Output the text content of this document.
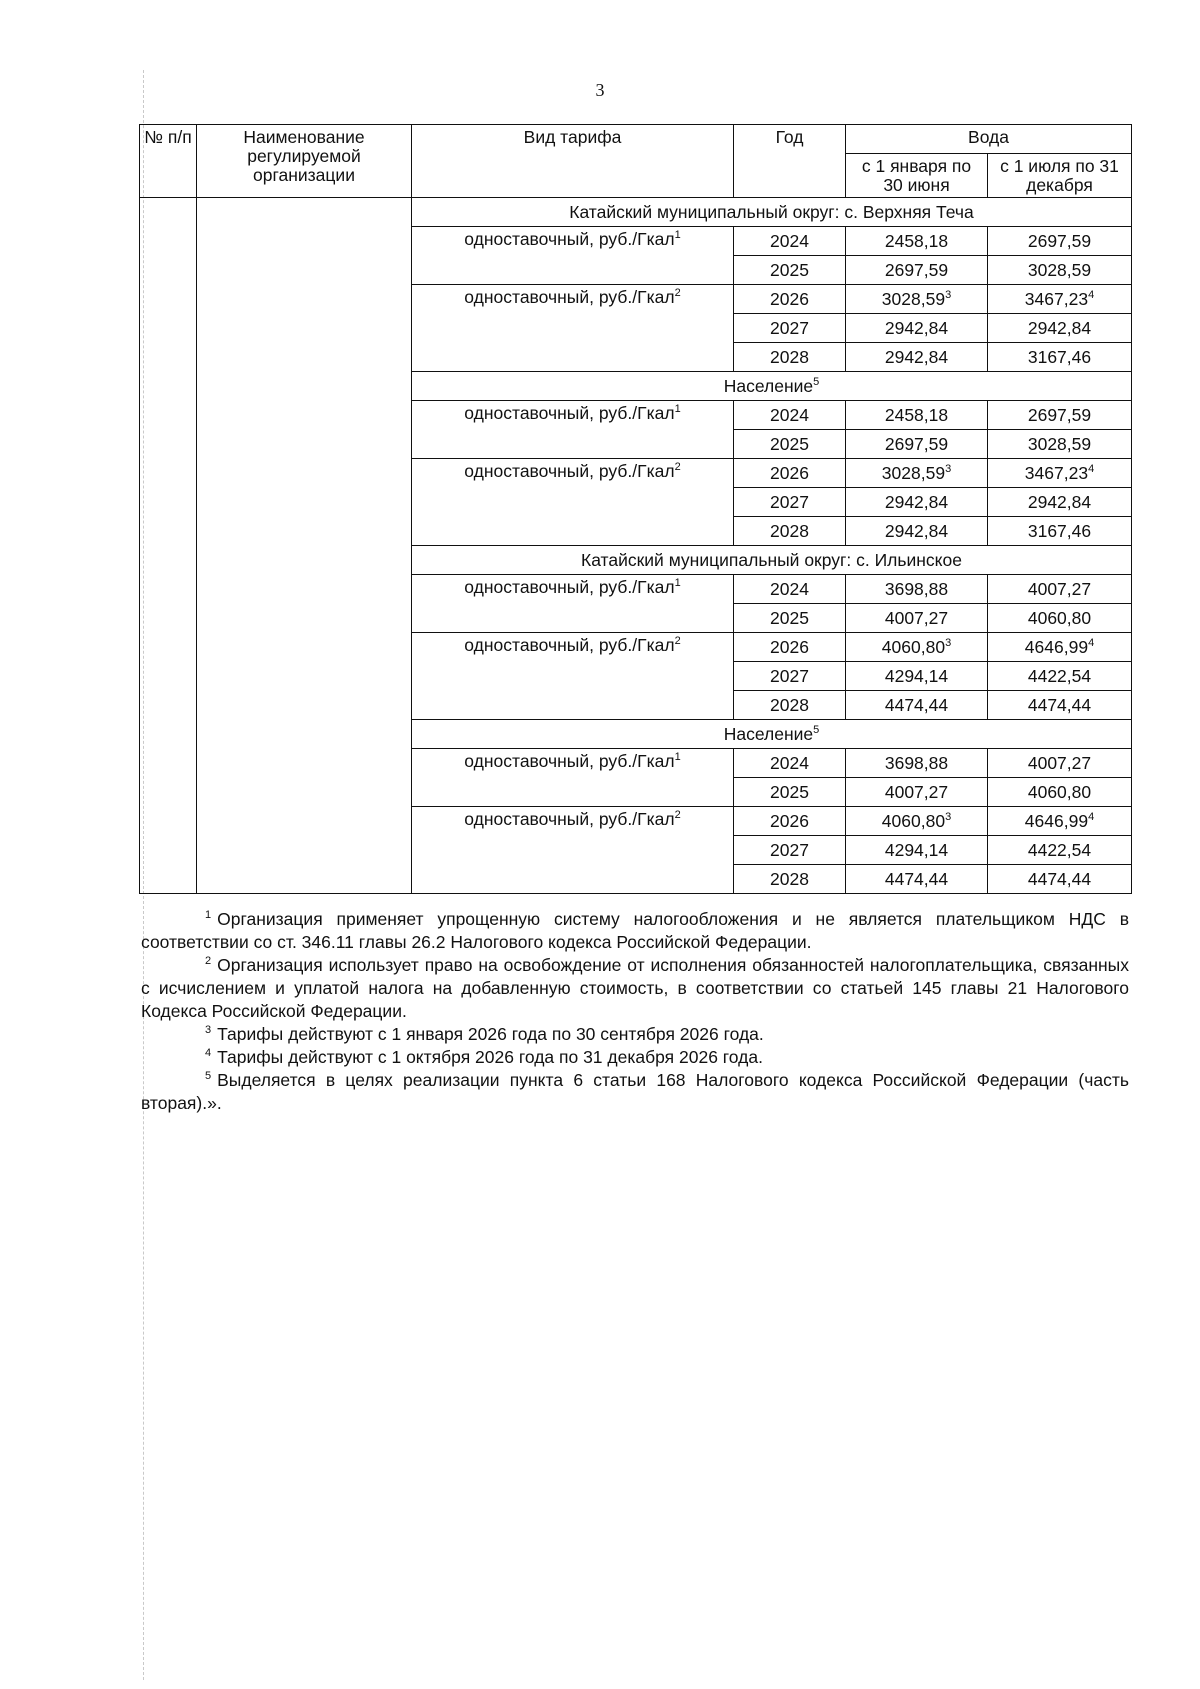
3
№ п/п	Наименование регулируемой организации	Вид тарифа	Год	Вода	
				с 1 января по 30 июня	с 1 июля по 31 декабря
		Катайский муниципальный округ: с. Верхняя Теча			
		одноставочный, руб./Гкал$^1$	2024	2458,18	2697,59
			2025	2697,59	3028,59
		одноставочный, руб./Гкал$^2$	2026	3028,59$^3$	3467,23$^4$
			2027	2942,84	2942,84
			2028	2942,84	3167,46
		Население$^5$
		одноставочный, руб./Гкал$^1$	2024	2458,18	2697,59
			2025	2697,59	3028,59
		одноставочный, руб./Гкал$^2$	2026	3028,59$^3$	3467,23$^4$
			2027	2942,84	2942,84
			2028	2942,84	3167,46
		Катайский муниципальный округ: с. Ильинское			
		одноставочный, руб./Гкал$^1$	2024	3698,88	4007,27
			2025	4007,27	4060,80
		одноставочный, руб./Гкал$^2$	2026	4060,80$^3$	4646,99$^4$
			2027	4294,14	4422,54
			2028	4474,44	4474,44
		Население$^5$
		одноставочный, руб./Гкал$^1$	2024	3698,88	4007,27
			2025	4007,27	4060,80
		одноставочный, руб./Гкал$^2$	2026	4060,80$^3$	4646,99$^4$
			2027	4294,14	4422,54
			2028	4474,44	4474,44

$^1$ Организация применяет упрощенную систему налогообложения и не является плательщиком НДС в соответствии со ст. 346.11 главы 26.2 Налогового кодекса Российской Федерации.

$^2$ Организация использует право на освобождение от исполнения обязанностей налогоплательщика, связанных с исчислением и уплатой налога на добавленную стоимость, в соответствии со статьей 145 главы 21 Налогового Кодекса Российской Федерации.

$^3$ Тарифы действуют с 1 января 2026 года по 30 сентября 2026 года.

$^4$ Тарифы действуют с 1 октября 2026 года по 31 декабря 2026 года.

$^5$ Выделяется в целях реализации пункта 6 статьи 168 Налогового кодекса Российской Федерации (часть вторая).».
